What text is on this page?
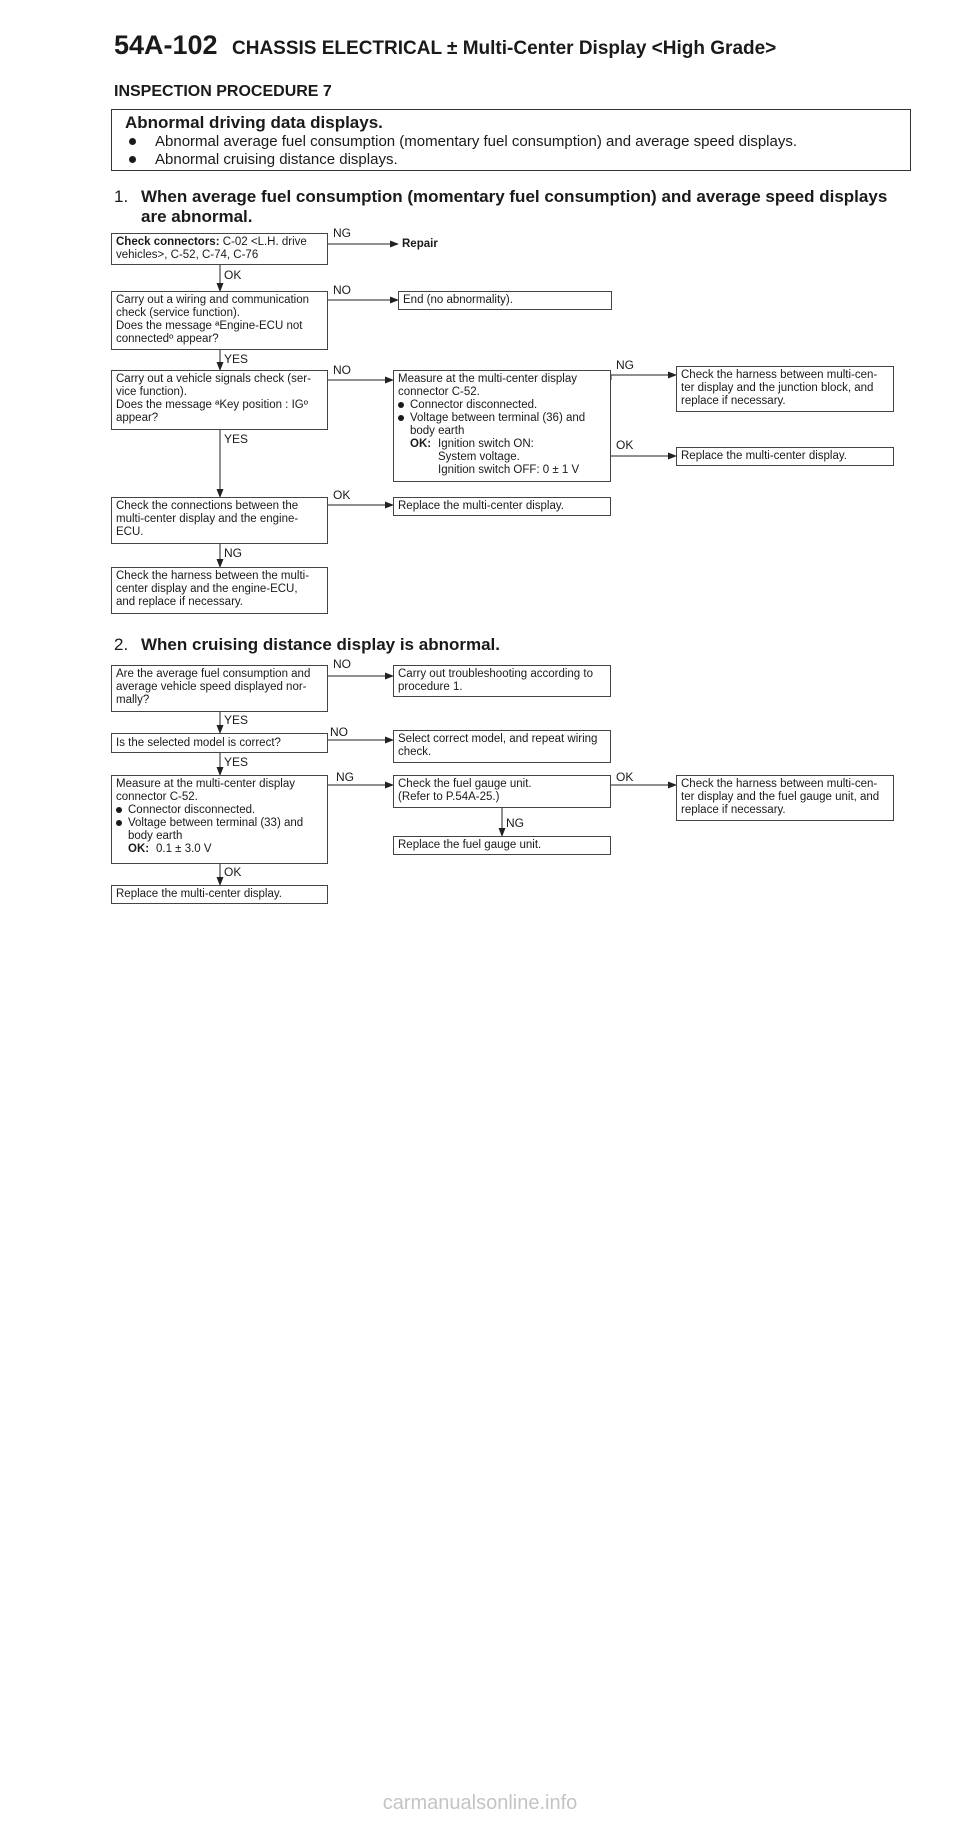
54A-102 CHASSIS ELECTRICAL ± Multi-Center Display <High Grade>
INSPECTION PROCEDURE 7
Abnormal driving data displays.
Abnormal average fuel consumption (momentary fuel consumption) and average speed displays.
Abnormal cruising distance displays.
1. When average fuel consumption (momentary fuel consumption) and average speed displays
are abnormal.
Check connectors: C-02 <L.H. drive
vehicles>, C-52, C-74, C-76
NG
Repair
OK
Carry out a wiring and communication
check (service function).
Does the message ªEngine-ECU not
connectedº appear?
NO
End (no abnormality).
YES
Carry out a vehicle signals check (ser-
vice function).
Does the message ªKey position : IGº
appear?
NO
Measure at the multi-center display
connector C-52.
Connector disconnected.
Voltage between terminal (36) and
body earth
OK: Ignition switch ON:
System voltage.
Ignition switch OFF: 0 ± 1 V
NG
Check the harness between multi-cen-
ter display and the junction block, and
replace if necessary.
OK
Replace the multi-center display.
YES
Check the connections between the
multi-center display and the engine-
ECU.
OK
Replace the multi-center display.
NG
Check the harness between the multi-
center display and the engine-ECU,
and replace if necessary.
2. When cruising distance display is abnormal.
Are the average fuel consumption and
average vehicle speed displayed nor-
mally?
NO
Carry out troubleshooting according to
procedure 1.
YES
Is the selected model is correct?
NO	Select correct model, and repeat wiring
check.
YES
Measure at the multi-center display
connector C-52.
Connector disconnected.
Voltage between terminal (33) and
body earth
OK: 0.1 ± 3.0 V
NG	Check the fuel gauge unit.
(Refer to P.54A-25.)
OK	Check the harness between multi-cen-
ter display and the fuel gauge unit, and
replace if necessary.
NG
Replace the fuel gauge unit.
OK
Replace the multi-center display.
carmanualsonline.info
